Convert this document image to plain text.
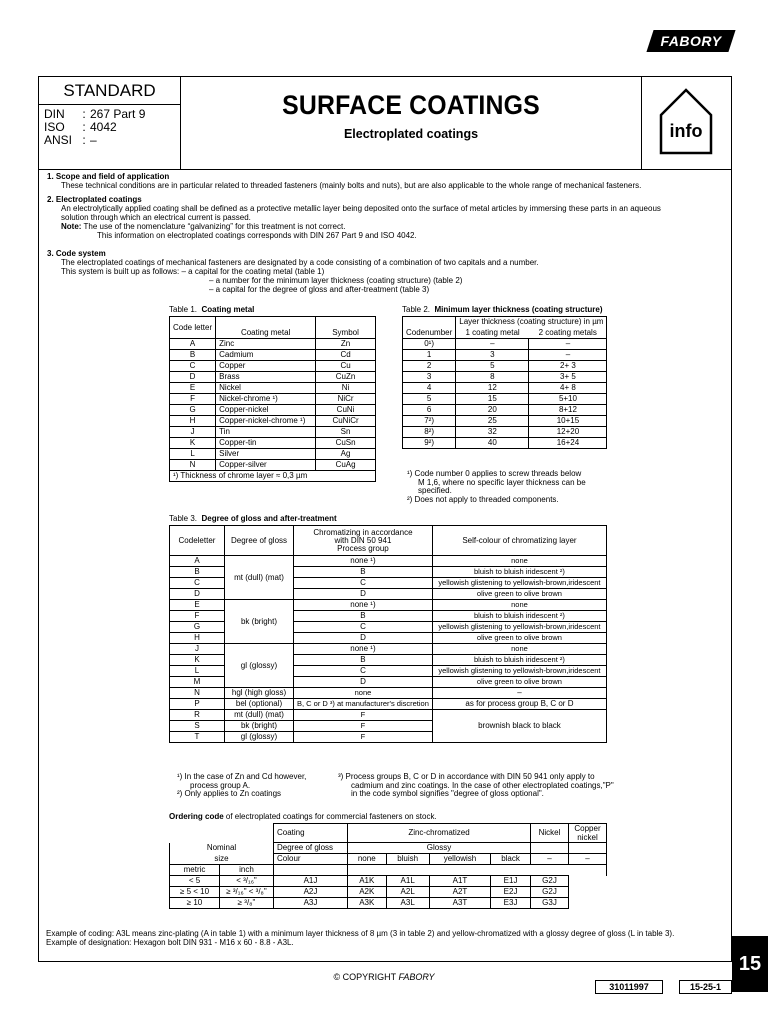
FABORY
STANDARD
DIN	: 267 Part 9
ISO	: 4042
ANSI : –
SURFACE COATINGS
Electroplated coatings	info
1. Scope and field of application
These technical conditions are in particular related to threaded fasteners (mainly bolts and nuts), but are also applicable to the whole range of mechanical fasteners.
2. Electroplated coatings
An electrolytically applied coating shall be defined as a protective metallic layer being deposited onto the surface of metal articles by immersing these parts in an aqueous
solution through which an electrical current is passed.
Note: The use of the nomenclature “galvanizing” for this treatment is not correct.
This information on electroplated coatings corresponds with DIN 267 Part 9 and ISO 4042.
3. Code system
The electroplated coatings of mechanical fasteners are designated by a code consisting of a combination of two capitals and a number.
This system is built up as follows: – a capital for the coating metal (table 1)
– a number for the minimum layer thickness (coating structure) (table 2)
– a capital for the degree of gloss and after-treatment (table 3)
Table 1. Coating metal
Code letter	Coating metal	Symbol
A	Zinc	Zn
B	Cadmium	Cd
C	Copper	Cu
D	Brass	CuZn
E	Nickel	Ni
F	Nickel-chrome ¹)	NiCr
G	Copper-nickel	CuNi
H	Copper-nickel-chrome ¹)	CuNiCr
J	Tin	Sn
K	Copper-tin	CuSn
L	Silver	Ag
N	Copper-silver	CuAg
¹) Thickness of chrome layer ≈ 0,3 µm		
Table 2. Minimum layer thickness (coating structure)
Codenumber	Layer thickness (coating structure) in µm	
	1 coating metal	2 coating metals
0¹)	–	–
1	3	–
2	5	2+ 3
3	8	3+ 5
4	12	4+ 8
5	15	5+10
6	20	8+12
7²)	25	10+15
8²)	32	12+20
9²)	40	16+24
¹) Code number 0 applies to screw threads below
M 1,6, where no specific layer thickness can be
specified.
²) Does not apply to threaded components.
Table 3. Degree of gloss and after-treatment
Codeletter	Degree of gloss	Chromatizing in accordance
with DIN 50 941
Process group	Self-colour of chromatizing layer
A	mt (dull) (mat)	none ¹)	none
B		B	bluish to bluish iridescent ²)
C		C	yellowish glistening to yellowish-brown,iridescent
D		D	olive green to olive brown
E	bk (bright)	none ¹)	none
F		B	bluish to bluish iridescent ²)
G		C	yellowish glistening to yellowish-brown,iridescent
H		D	olive green to olive brown
J	gl (glossy)	none ¹)	none
K		B	bluish to bluish iridescent ²)
L		C	yellowish glistening to yellowish-brown,iridescent
M		D	olive green to olive brown
N	hgl (high gloss)	none	–
P	bel (optional)	B, C or D ³) at manufacturer's discretion	as for process group B, C or D
R	mt (dull) (mat)	F	brownish black to black
S	bk (bright)	F	
T	gl (glossy)	F	
¹) In the case of Zn and Cd however,
process group A.
²) Only applies to Zn coatings
³) Process groups B, C or D in accordance with DIN 50 941 only apply to
cadmium and zinc coatings. In the case of other electroplated coatings,"P"
in the code symbol signifies "degree of gloss optional".
Ordering code of electroplated coatings for commercial fasteners on stock.
		Coating	Zinc-chromatized				Nickel	Copper
nickel

Nominal		Degree of gloss	Glossy					
size		Colour	none	bluish	yellowish	black	–	–
metric	inch							
< 5	< ³/₁₆"	A1J	A1K	A1L	A1T	E1J	G2J	
≥ 5 < 10	≥ ³/₁₆" < ³/₈"	A2J	A2K	A2L	A2T	E2J	G2J	
≥ 10	≥ ³/₈"	A3J	A3K	A3L	A3T	E3J	G3J	
Example of coding: A3L means zinc-plating (A in table 1) with a minimum layer thickness of 8 µm (3 in table 2) and yellow-chromatized with a glossy degree of gloss (L in table 3).
Example of designation: Hexagon bolt DIN 931 - M16 x 60 - 8.8 - A3L.
15
© COPYRIGHT FABORY
31011997	15-25-1
